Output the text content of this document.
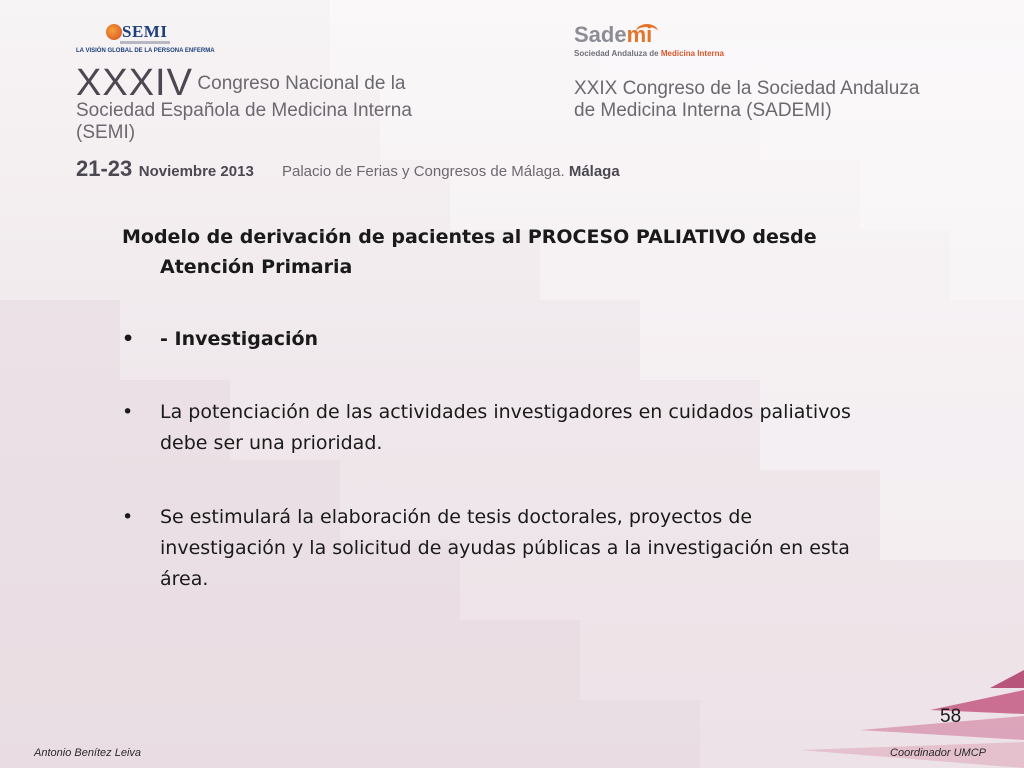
SEMI
LA VISIÓN GLOBAL DE LA PERSONA ENFERMA
Sademi
Sociedad Andaluza de Medicina Interna
XXXIV Congreso Nacional de la
Sociedad Española de Medicina Interna
(SEMI)
XXIX Congreso de la Sociedad Andaluza
de Medicina Interna (SADEMI)
21-23 Noviembre 2013 Palacio de Ferias y Congresos de Málaga. Málaga

Modelo de derivación de pacientes al PROCESO PALIATIVO desde Atención Primaria

• - Investigación

• La potenciación de las actividades investigadores en cuidados paliativos debe ser una prioridad.

• Se estimulará la elaboración de tesis doctorales, proyectos de investigación y la solicitud de ayudas públicas a la investigación en esta área.

58
Antonio Benítez Leiva	Coordinador UMCP
